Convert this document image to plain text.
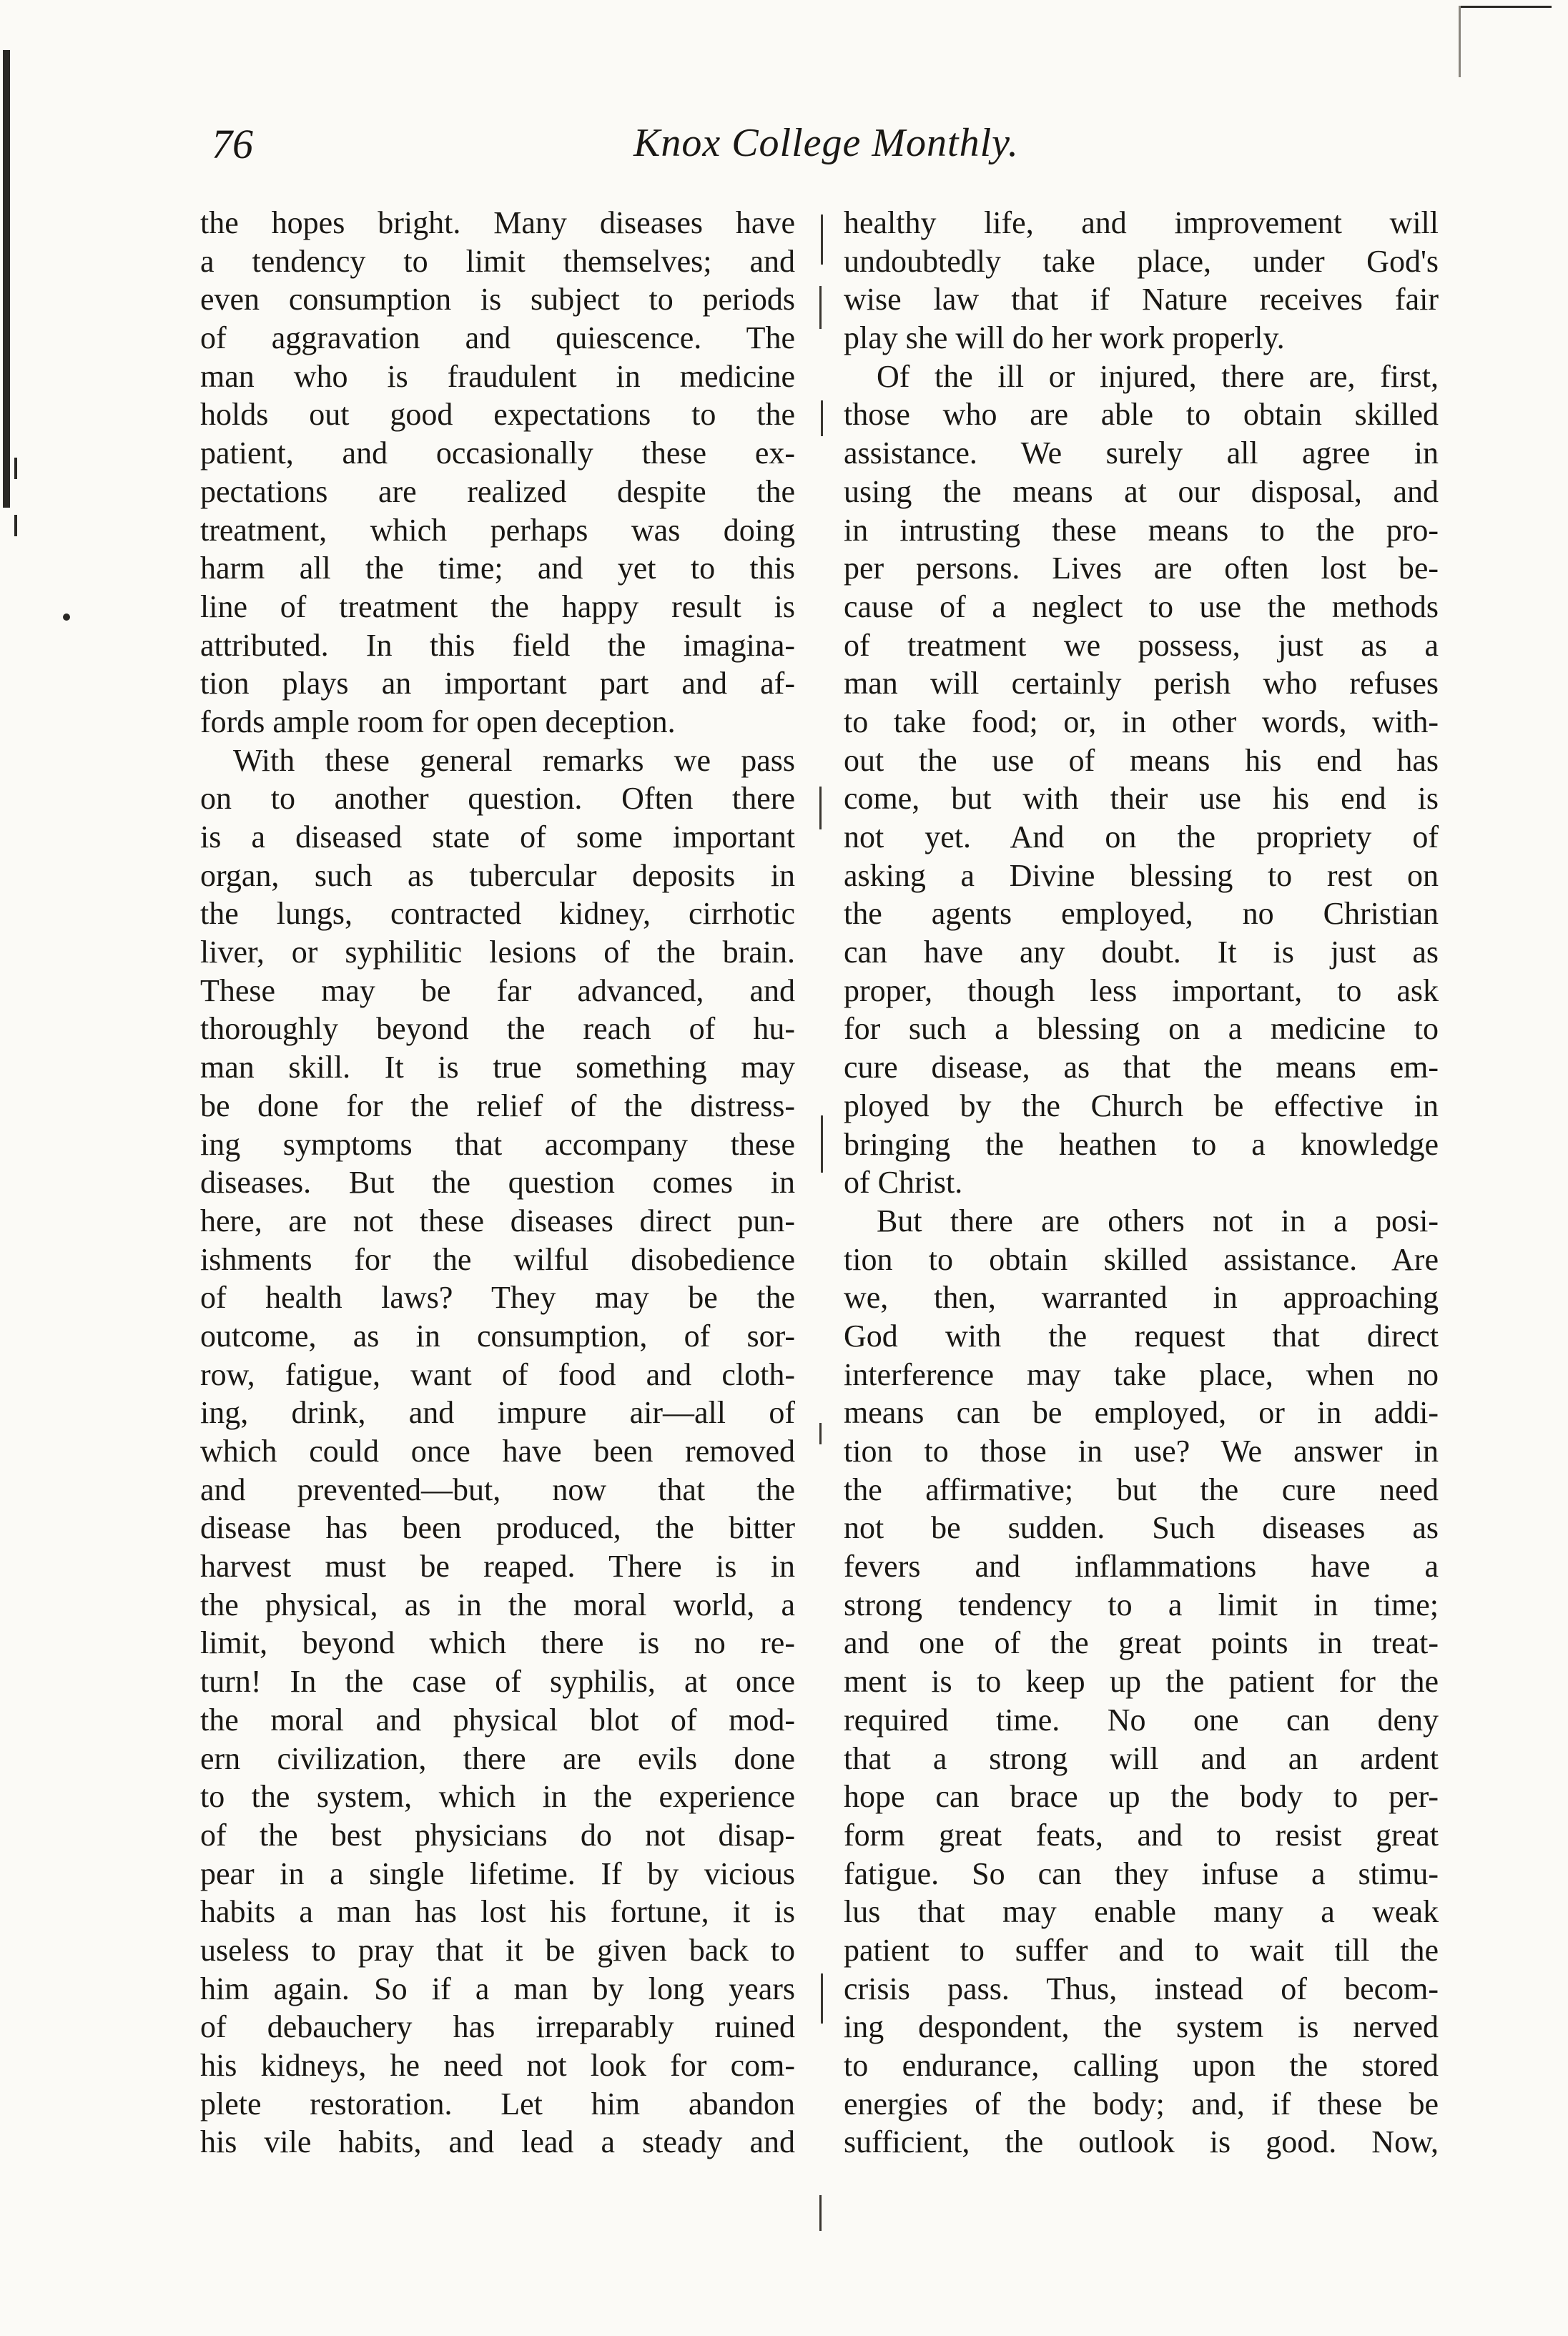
76	Knox College Monthly.
the hopes bright. Many diseases have
a tendency to limit themselves; and
even consumption is subject to periods
of aggravation and quiescence. The
man who is fraudulent in medicine
holds out good expectations to the
patient, and occasionally these ex-
pectations are realized despite the
treatment, which perhaps was doing
harm all the time; and yet to this
line of treatment the happy result is
attributed. In this field the imagina-
tion plays an important part and af-
fords ample room for open deception.
With these general remarks we pass
on to another question. Often there
is a diseased state of some important
organ, such as tubercular deposits in
the lungs, contracted kidney, cirrhotic
liver, or syphilitic lesions of the brain.
These may be far advanced, and
thoroughly beyond the reach of hu-
man skill. It is true something may
be done for the relief of the distress-
ing symptoms that accompany these
diseases. But the question comes in
here, are not these diseases direct pun-
ishments for the wilful disobedience
of health laws? They may be the
outcome, as in consumption, of sor-
row, fatigue, want of food and cloth-
ing, drink, and impure air—all of
which could once have been removed
and prevented—but, now that the
disease has been produced, the bitter
harvest must be reaped. There is in
the physical, as in the moral world, a
limit, beyond which there is no re-
turn! In the case of syphilis, at once
the moral and physical blot of mod-
ern civilization, there are evils done
to the system, which in the experience
of the best physicians do not disap-
pear in a single lifetime. If by vicious
habits a man has lost his fortune, it is
useless to pray that it be given back to
him again. So if a man by long years
of debauchery has irreparably ruined
his kidneys, he need not look for com-
plete restoration. Let him abandon
his vile habits, and lead a steady and
healthy life, and improvement will
undoubtedly take place, under God's
wise law that if Nature receives fair
play she will do her work properly.
Of the ill or injured, there are, first,
those who are able to obtain skilled
assistance. We surely all agree in
using the means at our disposal, and
in intrusting these means to the pro-
per persons. Lives are often lost be-
cause of a neglect to use the methods
of treatment we possess, just as a
man will certainly perish who refuses
to take food; or, in other words, with-
out the use of means his end has
come, but with their use his end is
not yet. And on the propriety of
asking a Divine blessing to rest on
the agents employed, no Christian
can have any doubt. It is just as
proper, though less important, to ask
for such a blessing on a medicine to
cure disease, as that the means em-
ployed by the Church be effective in
bringing the heathen to a knowledge
of Christ.
But there are others not in a posi-
tion to obtain skilled assistance. Are
we, then, warranted in approaching
God with the request that direct
interference may take place, when no
means can be employed, or in addi-
tion to those in use? We answer in
the affirmative; but the cure need
not be sudden. Such diseases as
fevers and inflammations have a
strong tendency to a limit in time;
and one of the great points in treat-
ment is to keep up the patient for the
required time. No one can deny
that a strong will and an ardent
hope can brace up the body to per-
form great feats, and to resist great
fatigue. So can they infuse a stimu-
lus that may enable many a weak
patient to suffer and to wait till the
crisis pass. Thus, instead of becom-
ing despondent, the system is nerved
to endurance, calling upon the stored
energies of the body; and, if these be
sufficient, the outlook is good. Now,
